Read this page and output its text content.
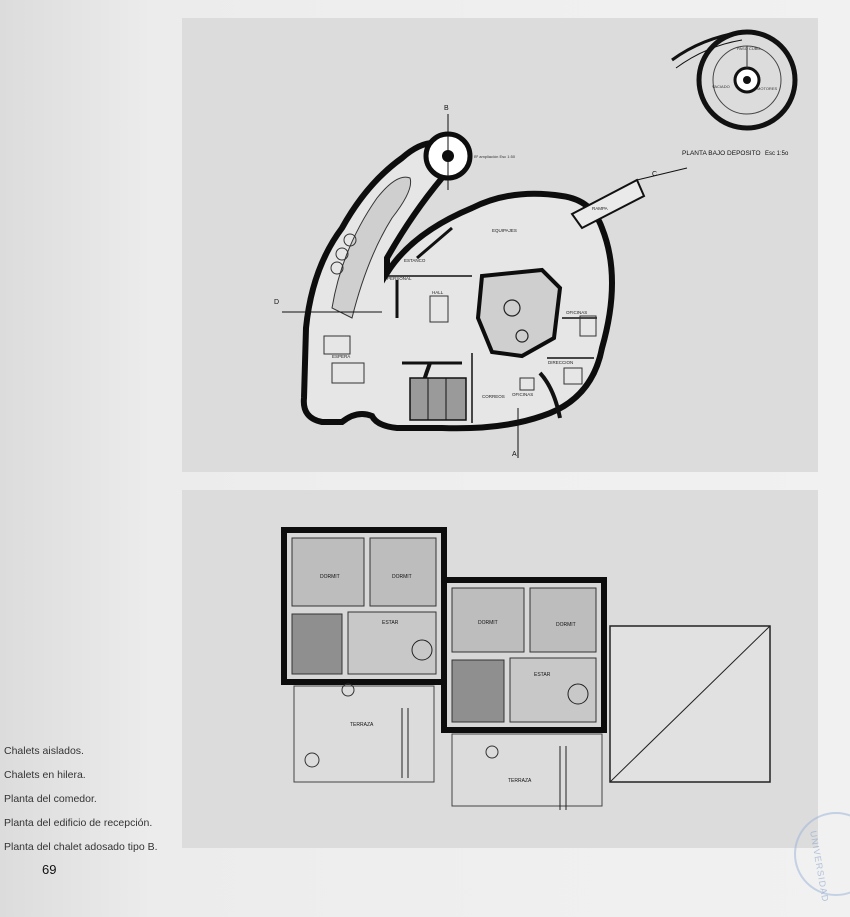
VACIADO	MOTORES
PASO CUBO
PLANTA BAJO DEPOSITO Esc 1:5o
B
Bº ampliación Esc 1:50
C
D
A
EQUIPAJES
RAMPA
ESTANCO
PERSONAL
HALL
OFICINAS
ESPERA
DIRECCION
OFICINAS
CORREOS
DORMIT	DORMIT
ESTAR	DORMIT	DORMIT
ESTAR
TERRAZA
TERRAZA
Chalets aislados.
Chalets en hilera.
Planta del comedor.
Planta del edificio de recepción.
Planta del chalet adosado tipo B.
69	UNIVERSIDAD
